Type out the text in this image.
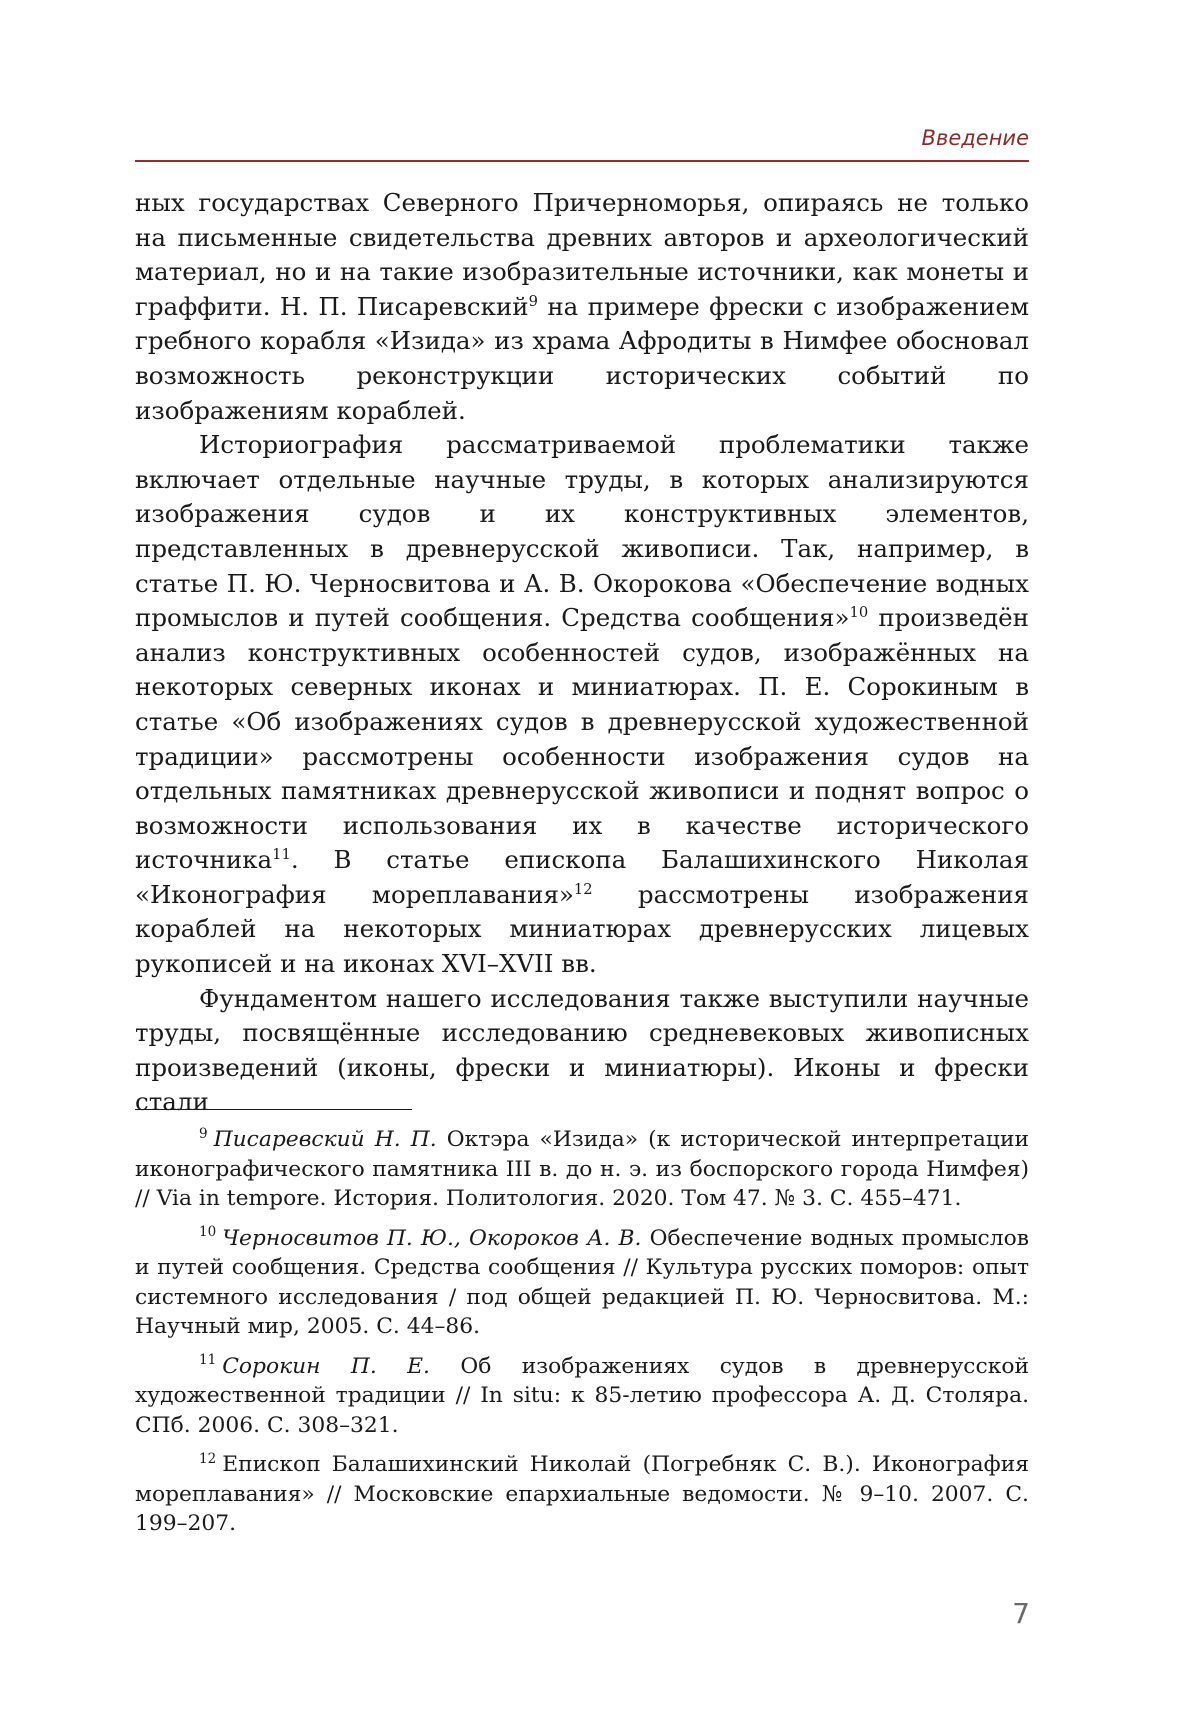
Введение

ных государствах Северного Причерноморья, опираясь не только на письменные свидетельства древних авторов и археологический материал, но и на такие изобразительные источники, как монеты и граффити. Н. П. Писаревский$^9$ на примере фрески с изображением гребного корабля «Изида» из храма Афродиты в Нимфее обосновал возможность реконструкции исторических событий по изображениям кораблей.

Историография рассматриваемой проблематики также включает отдельные научные труды, в которых анализируются изображения судов и их конструктивных элементов, представленных в древнерусской живописи. Так, например, в статье П. Ю. Черносвитова и А. В. Окорокова «Обеспечение водных промыслов и путей сообщения. Средства сообщения»$^{10}$ произведён анализ конструктивных особенностей судов, изображённых на некоторых северных иконах и миниатюрах. П. Е. Сорокиным в статье «Об изображениях судов в древнерусской художественной традиции» рассмотрены особенности изображения судов на отдельных памятниках древнерусской живописи и поднят вопрос о возможности использования их в качестве исторического источника$^{11}$. В статье епископа Балашихинского Николая «Иконография мореплавания»$^{12}$ рассмотрены изображения кораблей на некоторых миниатюрах древнерусских лицевых рукописей и на иконах XVI–XVII вв.

Фундаментом нашего исследования также выступили научные труды, посвящённые исследованию средневековых живописных произведений (иконы, фрески и миниатюры). Иконы и фрески стали

$^9$ Писаревский Н. П. Октэра «Изида» (к исторической интерпретации иконографического памятника III в. до н. э. из боспорского города Нимфея) // Via in tempore. История. Политология. 2020. Том 47. № 3. С. 455–471.

$^{10}$ Черносвитов П. Ю., Окороков А. В. Обеспечение водных промыслов и путей сообщения. Средства сообщения // Культура русских поморов: опыт системного исследования / под общей редакцией П. Ю. Черносвитова. М.: Научный мир, 2005. С. 44–86.

$^{11}$ Сорокин П. Е. Об изображениях судов в древнерусской художественной традиции // In situ: к 85-летию профессора А. Д. Столяра. СПб. 2006. С. 308–321.

$^{12}$ Епископ Балашихинский Николай (Погребняк С. В.). Иконография мореплавания» // Московские епархиальные ведомости. № 9–10. 2007. С. 199–207.

7
